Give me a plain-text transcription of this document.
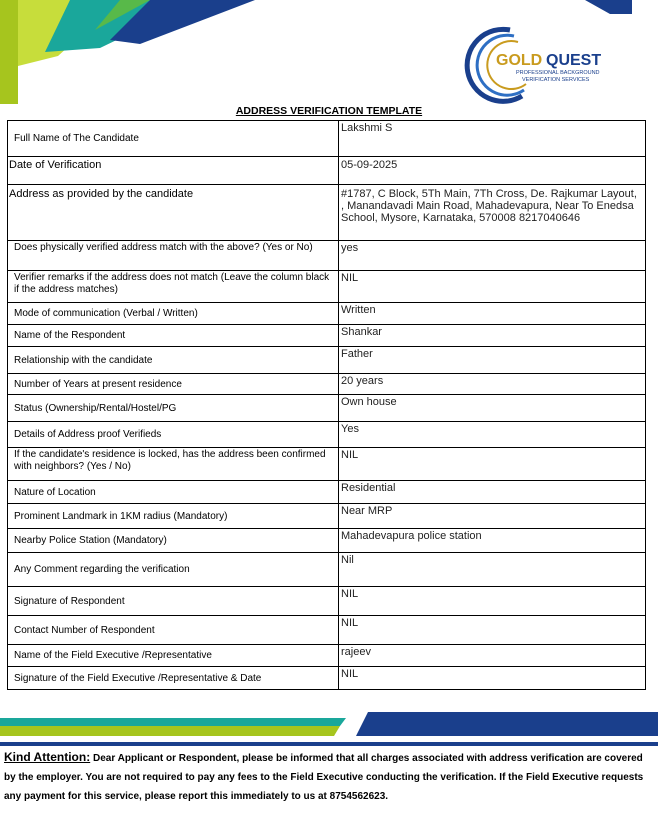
GOLD QUEST
PROFESSIONAL BACKGROUND
VERIFICATION SERVICES
ADDRESS VERIFICATION TEMPLATE
Full Name of The Candidate	Lakshmi S
Date of Verification	05-09-2025
Address as provided by the candidate	#1787, C Block, 5Th Main, 7Th Cross, De. Rajkumar Layout, , Manandavadi Main Road, Mahadevapura, Near To Enedsa School, Mysore, Karnataka, 570008 8217040646
Does physically verified address match with the above? (Yes or No)	yes
Verifier remarks if the address does not match (Leave the column black if the address matches)	NIL
Mode of communication (Verbal / Written)	Written
Name of the Respondent	Shankar
Relationship with the candidate	Father
Number of Years at present residence	20 years
Status (Ownership/Rental/Hostel/PG	Own house
Details of Address proof Verifieds	Yes
If the candidate's residence is locked, has the address been confirmed with neighbors? (Yes / No)	NIL
Nature of Location	Residential
Prominent Landmark in 1KM radius (Mandatory)	Near MRP
Nearby Police Station (Mandatory)	Mahadevapura police station
Any Comment regarding the verification	Nil
Signature of Respondent	NIL
Contact Number of Respondent	NIL
Name of the Field Executive /Representative	rajeev
Signature of the Field Executive /Representative & Date	NIL
Kind Attention: Dear Applicant or Respondent, please be informed that all charges associated with address verification are covered by the employer. You are not required to pay any fees to the Field Executive conducting the verification. If the Field Executive requests any payment for this service, please report this immediately to us at 8754562623.
